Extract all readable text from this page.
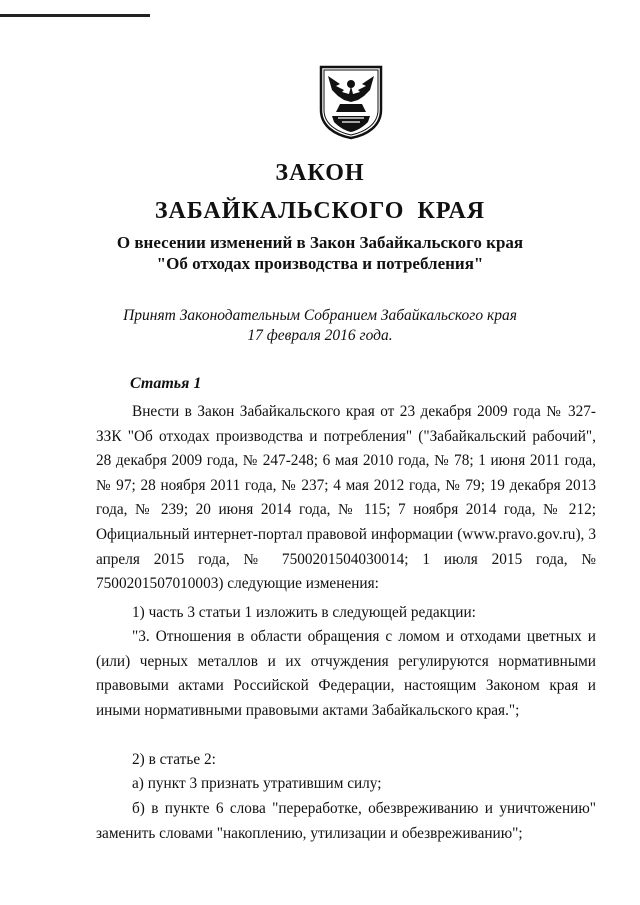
ЗАКОН
ЗАБАЙКАЛЬСКОГО КРАЯ
О внесении изменений в Закон Забайкальского края
"Об отходах производства и потребления"
Принят Законодательным Собранием Забайкальского края
17 февраля 2016 года.
Статья 1
Внести в Закон Забайкальского края от 23 декабря 2009 года № 327-ЗЗК "Об отходах производства и потребления" ("Забайкальский рабочий", 28 декабря 2009 года, № 247-248; 6 мая 2010 года, № 78; 1 июня 2011 года, № 97; 28 ноября 2011 года, № 237; 4 мая 2012 года, № 79; 19 декабря 2013 года, № 239; 20 июня 2014 года, № 115; 7 ноября 2014 года, № 212; Официальный интернет-портал правовой информации (www.pravo.gov.ru), 3 апреля 2015 года, № 7500201504030014; 1 июля 2015 года, № 7500201507010003) следующие изменения:
1) часть 3 статьи 1 изложить в следующей редакции:
"3. Отношения в области обращения с ломом и отходами цветных и (или) черных металлов и их отчуждения регулируются нормативными правовыми актами Российской Федерации, настоящим Законом края и иными нормативными правовыми актами Забайкальского края.";
2) в статье 2:
а) пункт 3 признать утратившим силу;
б) в пункте 6 слова "переработке, обезвреживанию и уничтожению" заменить словами "накоплению, утилизации и обезвреживанию";
